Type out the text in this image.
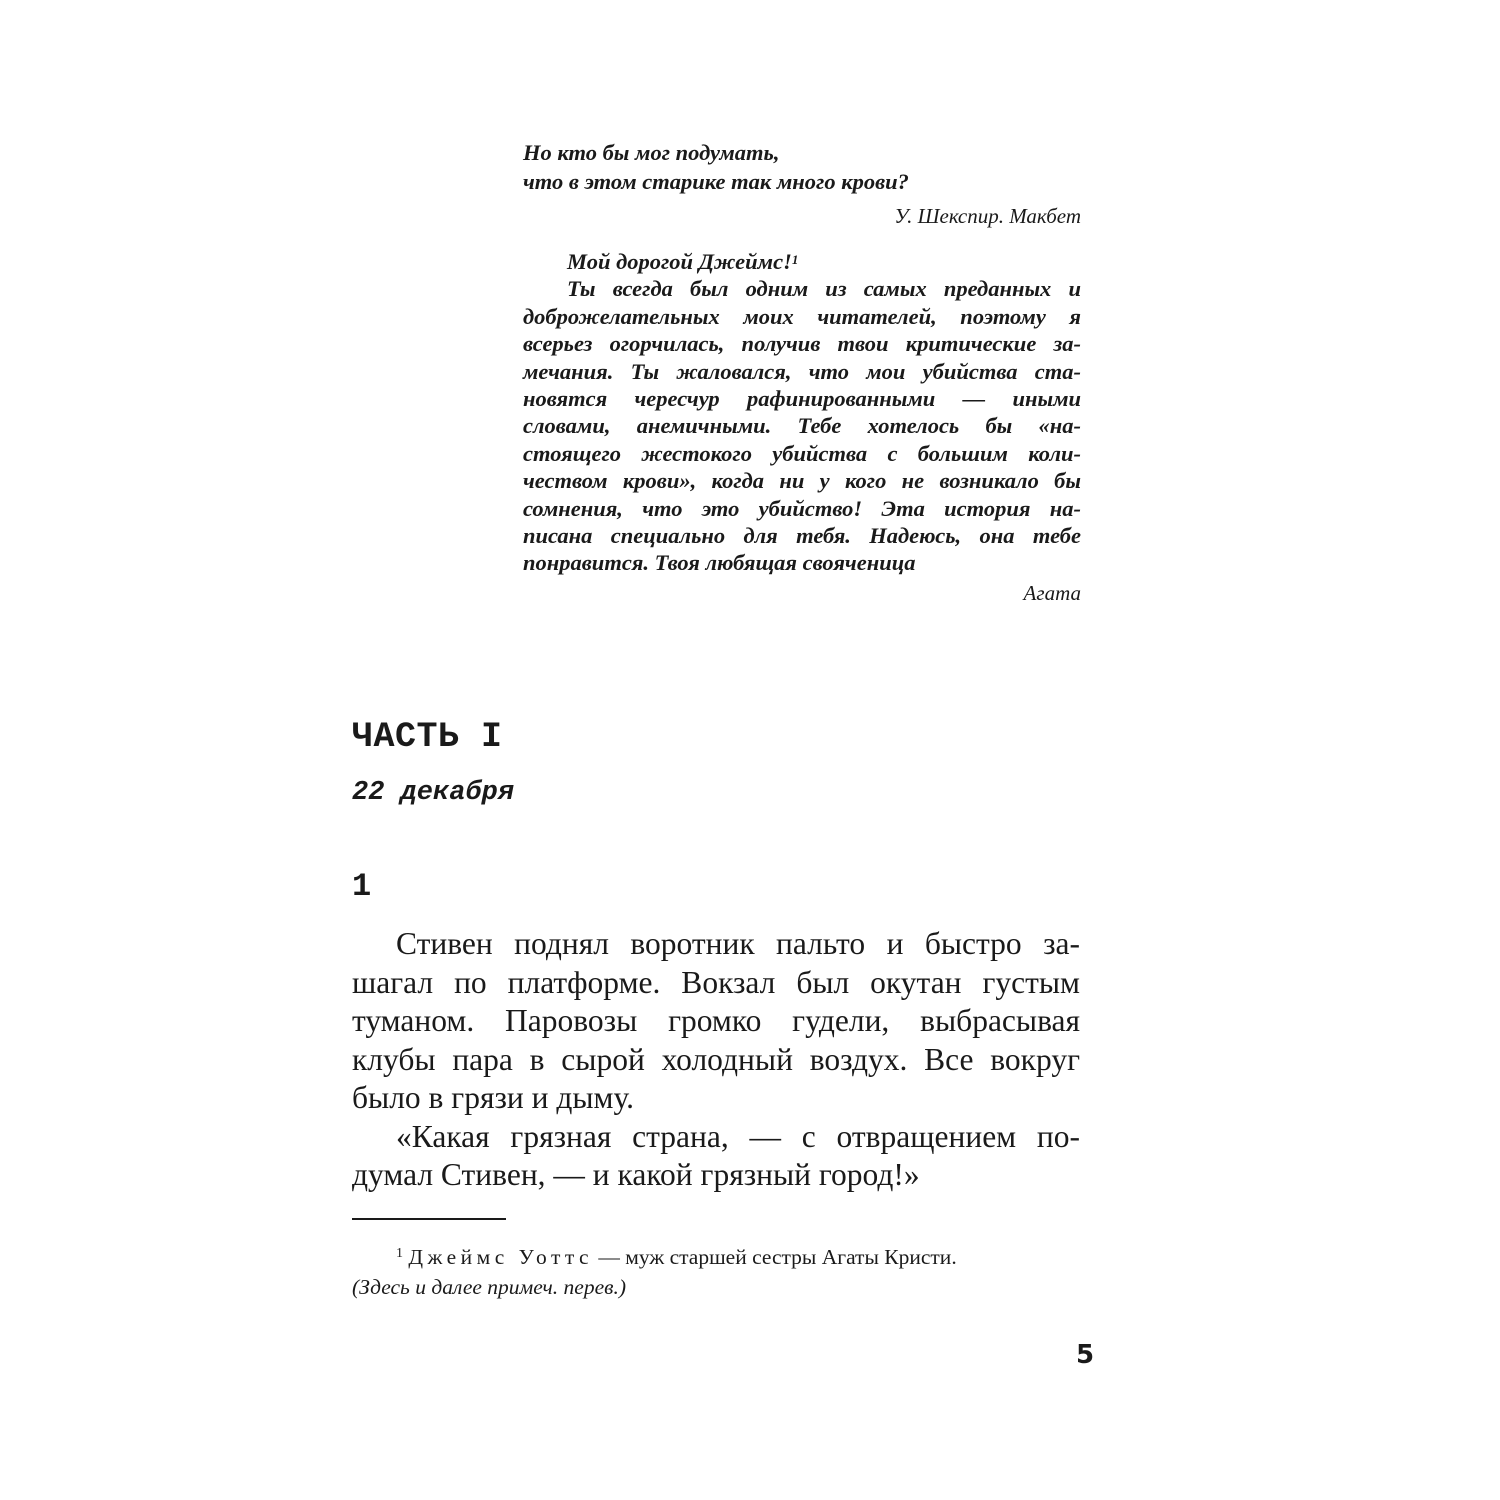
Но кто бы мог подумать,
что в этом старике так много крови?
У. Шекспир. Макбет
Мой дорогой Джеймс!$^1$
Ты всегда был одним из самых преданных и
доброжелательных моих читателей, поэтому я
всерьез огорчилась, получив твои критические за-
мечания. Ты жаловался, что мои убийства ста-
новятся чересчур рафинированными — иными
словами, анемичными. Тебе хотелось бы «на-
стоящего жестокого убийства с большим коли-
чеством крови», когда ни у кого не возникало бы
сомнения, что это убийство! Эта история на-
писана специально для тебя. Надеюсь, она тебе
понравится. Твоя любящая свояченица
Агата
ЧАСТЬ I
22 декабря
1
Стивен поднял воротник пальто и быстро за-
шагал по платформе. Вокзал был окутан густым
туманом. Паровозы громко гудели, выбрасывая
клубы пара в сырой холодный воздух. Все вокруг
было в грязи и дыму.
«Какая грязная страна, — с отвращением по-
думал Стивен, — и какой грязный город!»
$^1$ Джеймс Уоттс — муж старшей сестры Агаты Кристи.
(Здесь и далее примеч. перев.)
5
